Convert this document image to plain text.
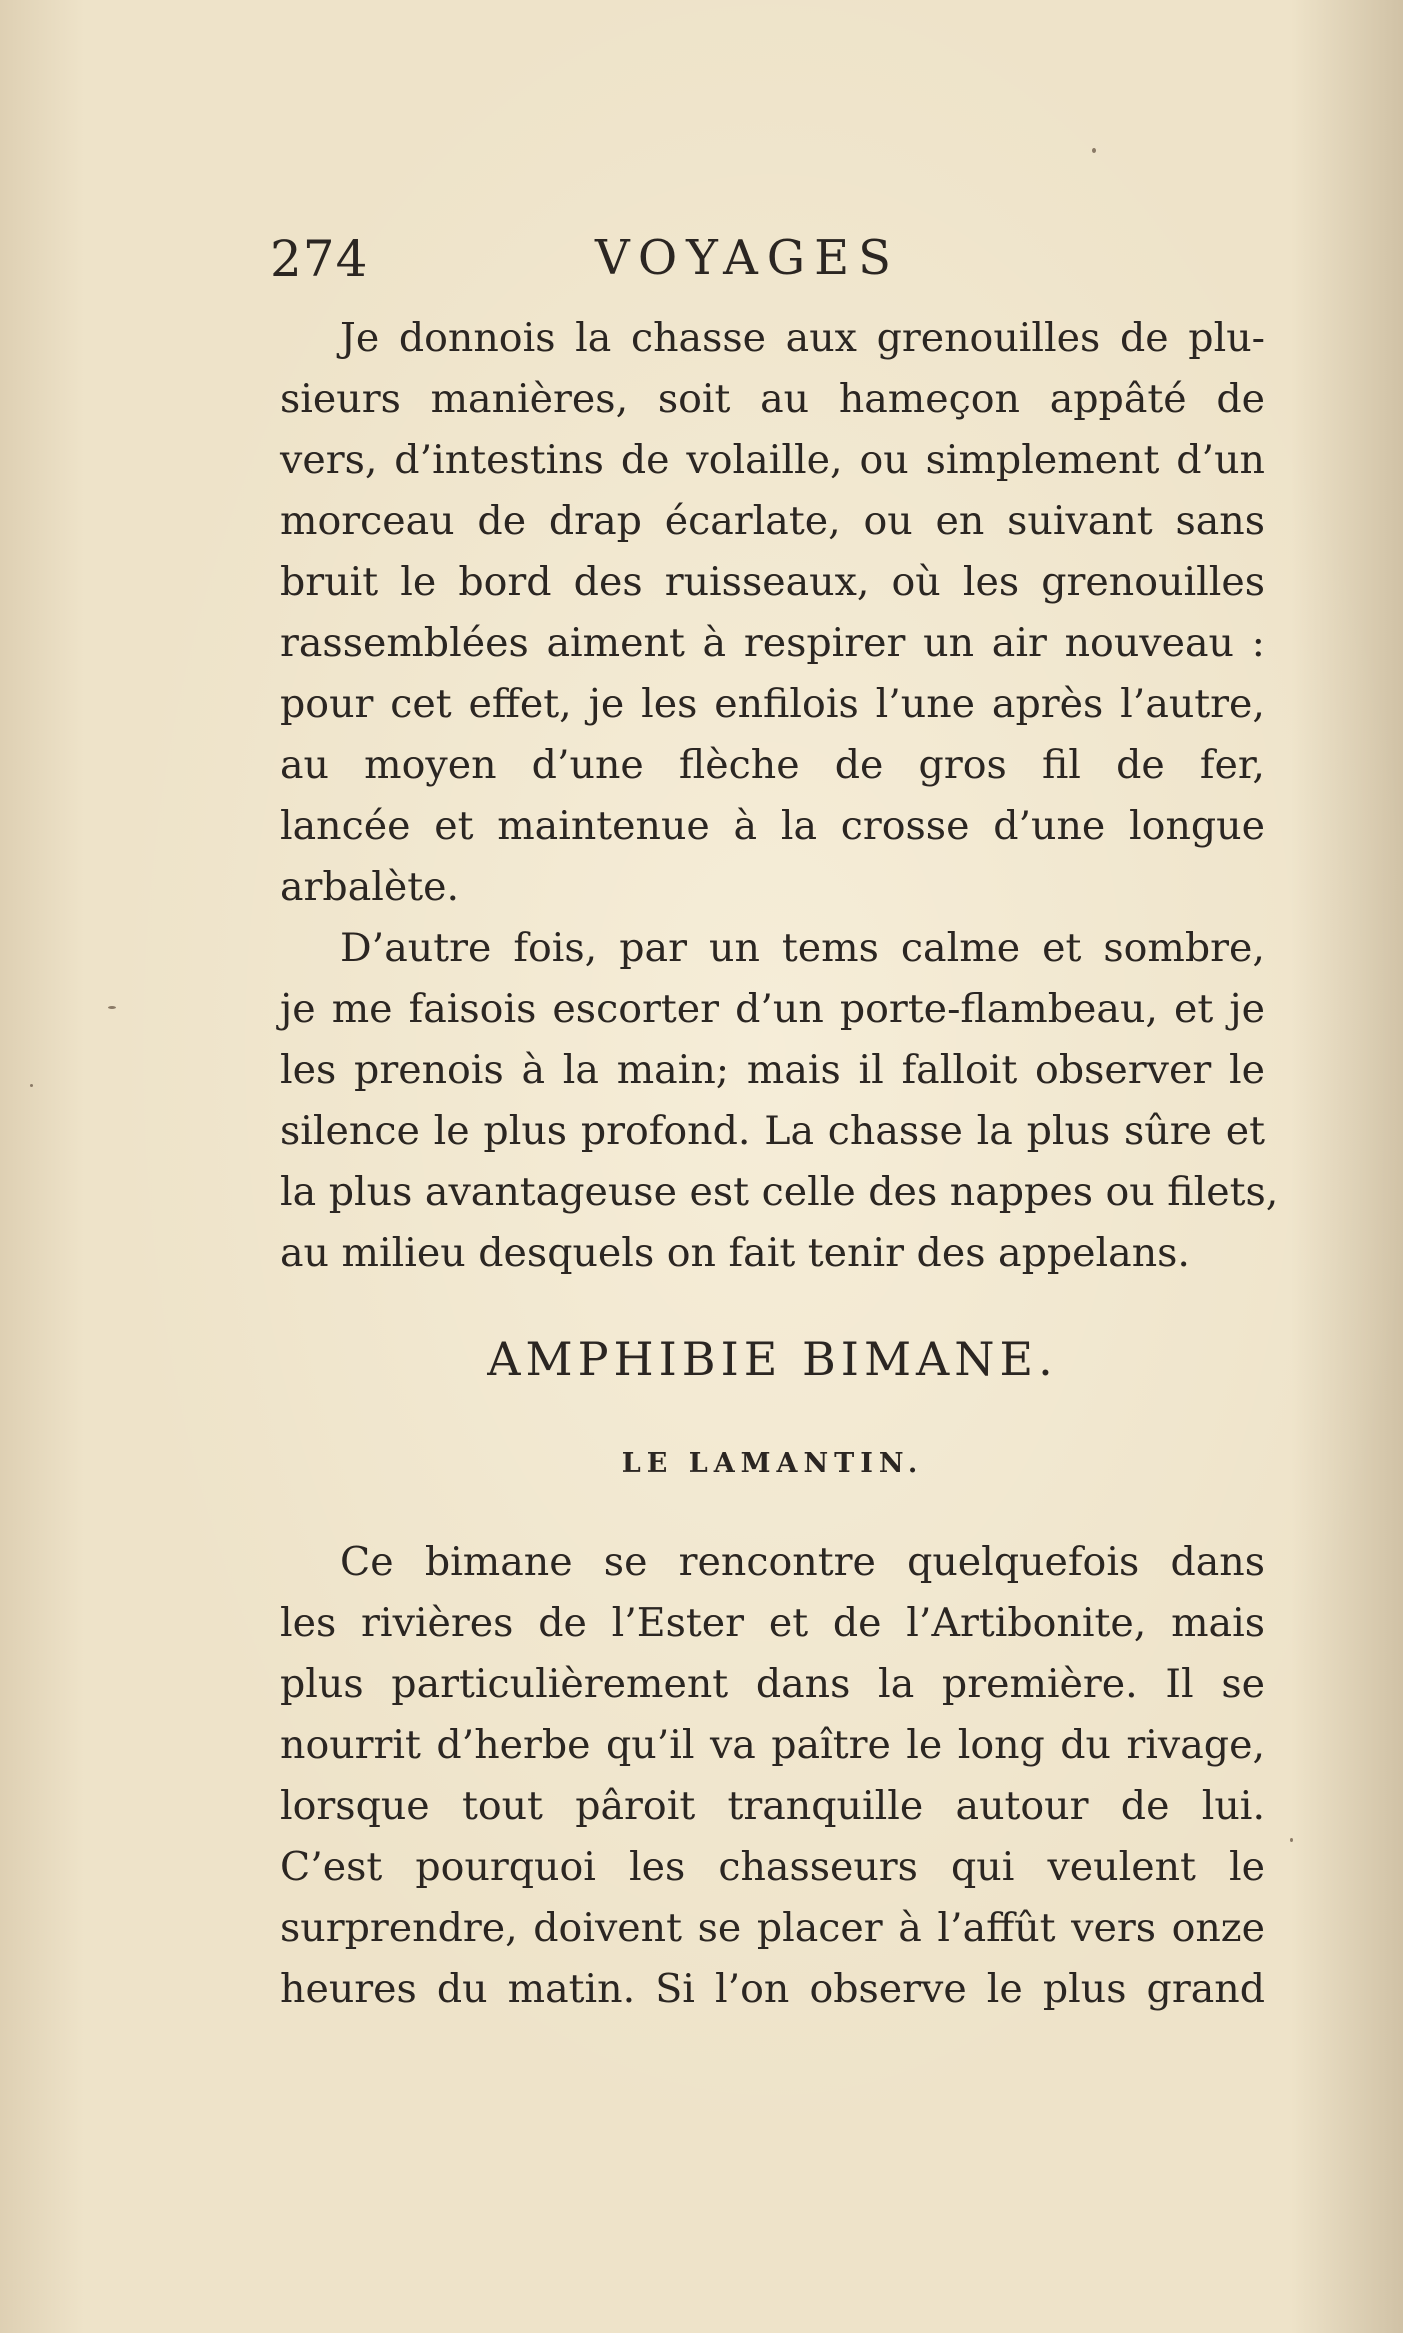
274	VOYAGES

Je donnois la chasse aux grenouilles de plu-
sieurs manières, soit au hameçon appâté de
vers, d’intestins de volaille, ou simplement d’un
morceau de drap écarlate, ou en suivant sans
bruit le bord des ruisseaux, où les grenouilles
rassemblées aiment à respirer un air nouveau :
pour cet effet, je les enfilois l’une après l’autre,
au moyen d’une flèche de gros fil de fer,
lancée et maintenue à la crosse d’une longue
arbalète.

D’autre fois, par un tems calme et sombre,
je me faisois escorter d’un porte-flambeau, et je
les prenois à la main; mais il falloit observer le
silence le plus profond. La chasse la plus sûre et
la plus avantageuse est celle des nappes ou filets,
au milieu desquels on fait tenir des appelans.

AMPHIBIE BIMANE.
LE LAMANTIN.

Ce bimane se rencontre quelquefois dans
les rivières de l’Ester et de l’Artibonite, mais
plus particulièrement dans la première. Il se
nourrit d’herbe qu’il va paître le long du rivage,
lorsque tout pâroit tranquille autour de lui.
C’est pourquoi les chasseurs qui veulent le
surprendre, doivent se placer à l’affût vers onze
heures du matin. Si l’on observe le plus grand
